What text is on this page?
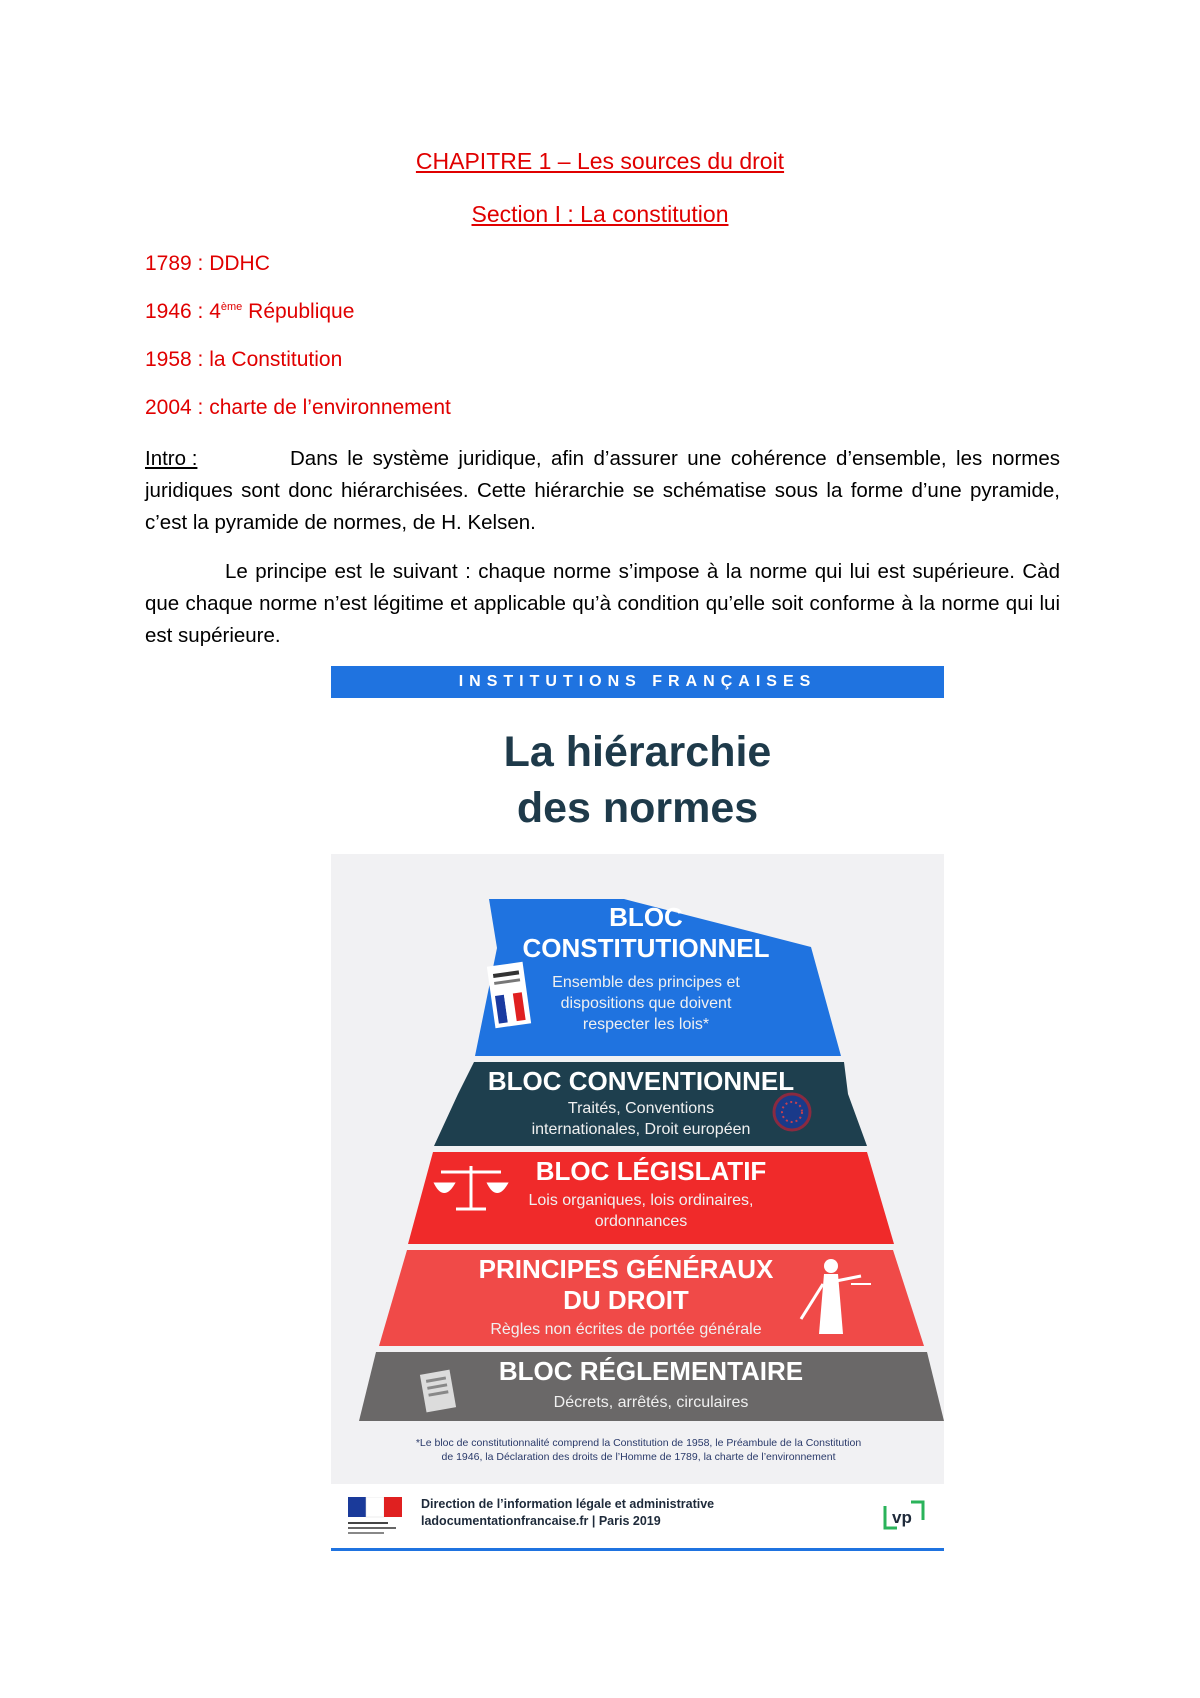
CHAPITRE 1 – Les sources du droit
Section I : La constitution
1789 : DDHC
1946 : 4ème République
1958 : la Constitution
2004 : charte de l’environnement
Intro :	Dans le système juridique, afin d’assurer une cohérence d’ensemble, les normes juridiques sont donc hiérarchisées. Cette hiérarchie se schématise sous la forme d’une pyramide, c’est la pyramide de normes, de H. Kelsen.
Le principe est le suivant : chaque norme s’impose à la norme qui lui est supérieure. Càd que chaque norme n’est légitime et applicable qu’à condition qu’elle soit conforme à la norme qui lui est supérieure.
INSTITUTIONS FRANÇAISES
La hiérarchie
des normes
BLOC
CONSTITUTIONNEL
Ensemble des principes et
dispositions que doivent
respecter les lois*
BLOC CONVENTIONNEL
Traités, Conventions
internationales, Droit européen
BLOC LÉGISLATIF
Lois organiques, lois ordinaires,
ordonnances
PRINCIPES GÉNÉRAUX
DU DROIT
Règles non écrites de portée générale
BLOC RÉGLEMENTAIRE
Décrets, arrêtés, circulaires
*Le bloc de constitutionnalité comprend la Constitution de 1958, le Préambule de la Constitution
de 1946, la Déclaration des droits de l’Homme de 1789, la charte de l’environnement
Direction de l’information légale et administrative
ladocumentationfrancaise.fr | Paris 2019	vp
